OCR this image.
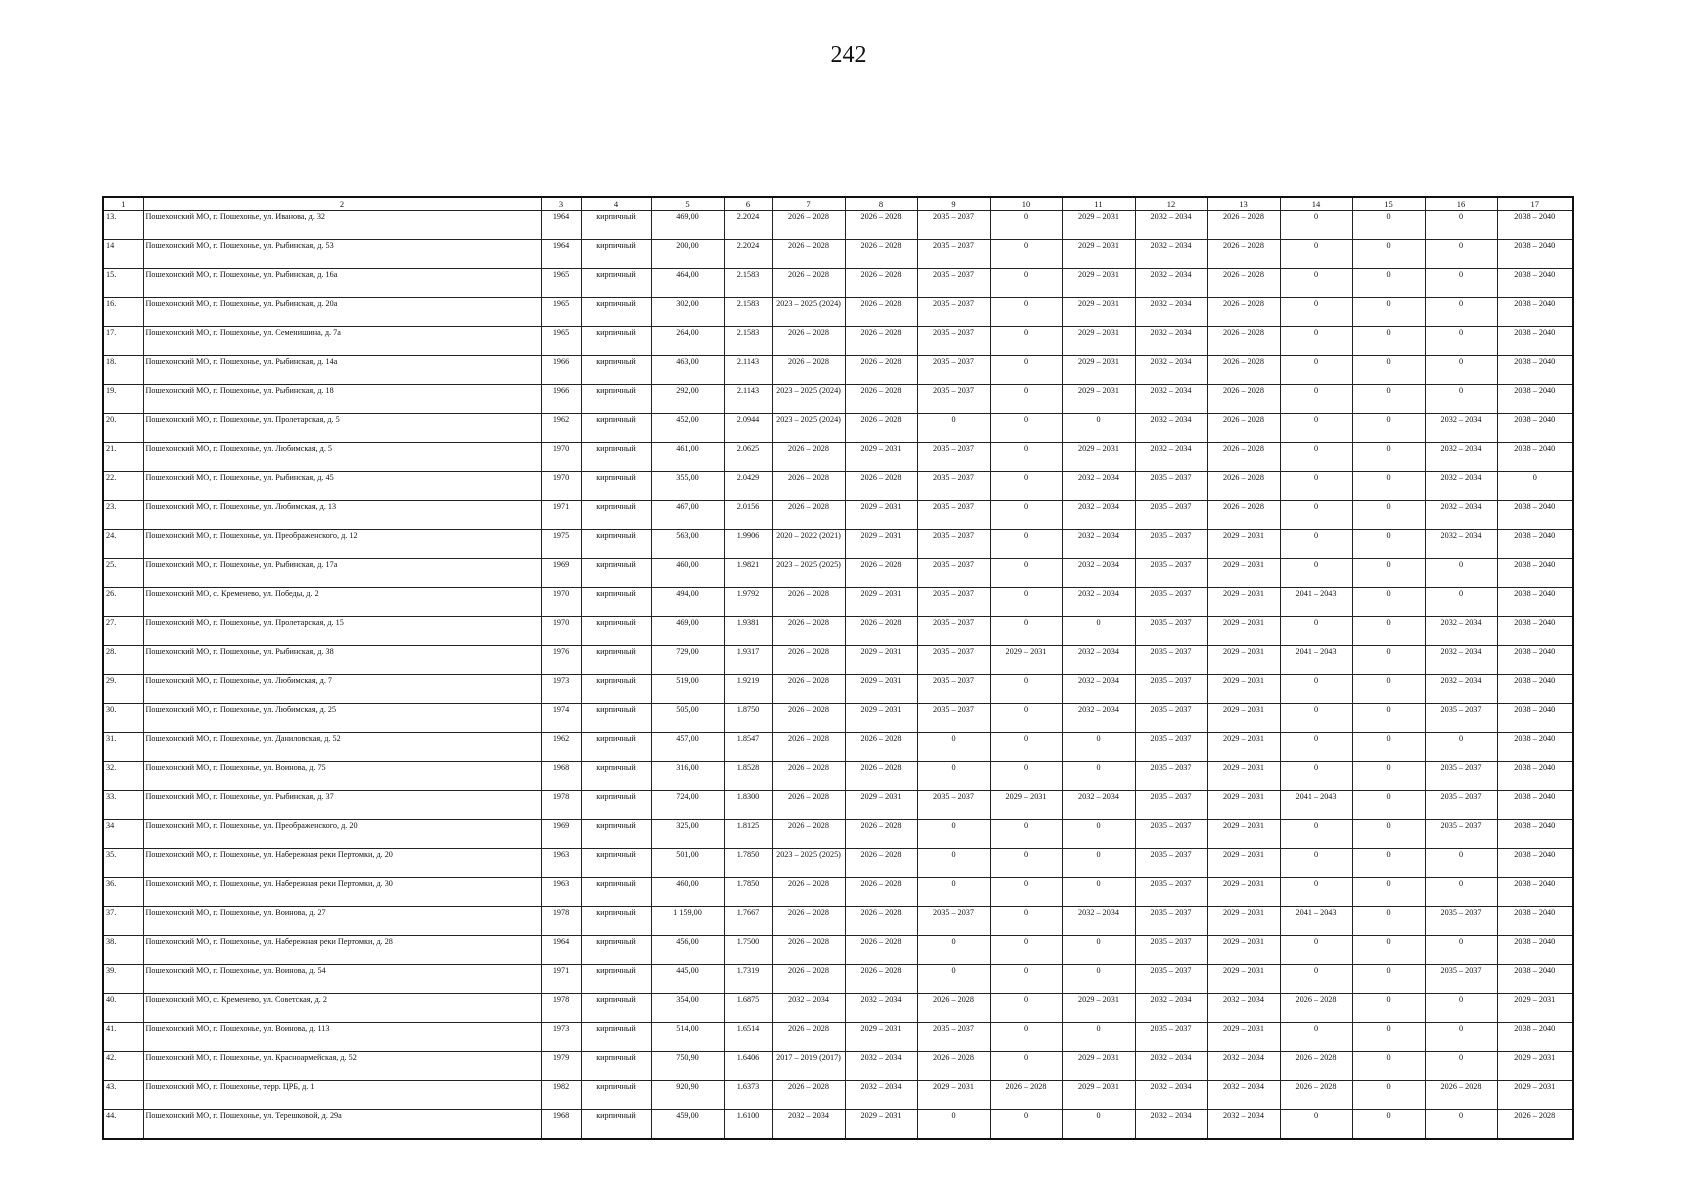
242
1	2	3	4	5	6	7	8	9	10	11	12	13	14	15	16	17
13.	Пошехонский МО, г. Пошехонье, ул. Иванова, д. 32	1964	кирпичный	469,00	2.2024	2026 – 2028	2026 – 2028	2035 – 2037	0	2029 – 2031	2032 – 2034	2026 – 2028	0	0	0	2038 – 2040
14	Пошехонский МО, г. Пошехонье, ул. Рыбинская, д. 53	1964	кирпичный	200,00	2.2024	2026 – 2028	2026 – 2028	2035 – 2037	0	2029 – 2031	2032 – 2034	2026 – 2028	0	0	0	2038 – 2040
15.	Пошехонский МО, г. Пошехонье, ул. Рыбинская, д. 16а	1965	кирпичный	464,00	2.1583	2026 – 2028	2026 – 2028	2035 – 2037	0	2029 – 2031	2032 – 2034	2026 – 2028	0	0	0	2038 – 2040
16.	Пошехонский МО, г. Пошехонье, ул. Рыбинская, д. 20а	1965	кирпичный	302,00	2.1583	2023 – 2025 (2024)	2026 – 2028	2035 – 2037	0	2029 – 2031	2032 – 2034	2026 – 2028	0	0	0	2038 – 2040
17.	Пошехонский МО, г. Пошехонье, ул. Семенишина, д. 7а	1965	кирпичный	264,00	2.1583	2026 – 2028	2026 – 2028	2035 – 2037	0	2029 – 2031	2032 – 2034	2026 – 2028	0	0	0	2038 – 2040
18.	Пошехонский МО, г. Пошехонье, ул. Рыбинская, д. 14а	1966	кирпичный	463,00	2.1143	2026 – 2028	2026 – 2028	2035 – 2037	0	2029 – 2031	2032 – 2034	2026 – 2028	0	0	0	2038 – 2040
19.	Пошехонский МО, г. Пошехонье, ул. Рыбинская, д. 18	1966	кирпичный	292,00	2.1143	2023 – 2025 (2024)	2026 – 2028	2035 – 2037	0	2029 – 2031	2032 – 2034	2026 – 2028	0	0	0	2038 – 2040
20.	Пошехонский МО, г. Пошехонье, ул. Пролетарская, д. 5	1962	кирпичный	452,00	2.0944	2023 – 2025 (2024)	2026 – 2028	0	0	0	2032 – 2034	2026 – 2028	0	0	2032 – 2034	2038 – 2040
21.	Пошехонский МО, г. Пошехонье, ул. Любимская, д. 5	1970	кирпичный	461,00	2.0625	2026 – 2028	2029 – 2031	2035 – 2037	0	2029 – 2031	2032 – 2034	2026 – 2028	0	0	2032 – 2034	2038 – 2040
22.	Пошехонский МО, г. Пошехонье, ул. Рыбинская, д. 45	1970	кирпичный	355,00	2.0429	2026 – 2028	2026 – 2028	2035 – 2037	0	2032 – 2034	2035 – 2037	2026 – 2028	0	0	2032 – 2034	0
23.	Пошехонский МО, г. Пошехонье, ул. Любимская, д. 13	1971	кирпичный	467,00	2.0156	2026 – 2028	2029 – 2031	2035 – 2037	0	2032 – 2034	2035 – 2037	2026 – 2028	0	0	2032 – 2034	2038 – 2040
24.	Пошехонский МО, г. Пошехонье, ул. Преображенского, д. 12	1975	кирпичный	563,00	1.9906	2020 – 2022 (2021)	2029 – 2031	2035 – 2037	0	2032 – 2034	2035 – 2037	2029 – 2031	0	0	2032 – 2034	2038 – 2040
25.	Пошехонский МО, г. Пошехонье, ул. Рыбинская, д. 17а	1969	кирпичный	460,00	1.9821	2023 – 2025 (2025)	2026 – 2028	2035 – 2037	0	2032 – 2034	2035 – 2037	2029 – 2031	0	0	0	2038 – 2040
26.	Пошехонский МО, с. Кременево, ул. Победы, д. 2	1970	кирпичный	494,00	1.9792	2026 – 2028	2029 – 2031	2035 – 2037	0	2032 – 2034	2035 – 2037	2029 – 2031	2041 – 2043	0	0	2038 – 2040
27.	Пошехонский МО, г. Пошехонье, ул. Пролетарская, д. 15	1970	кирпичный	469,00	1.9381	2026 – 2028	2026 – 2028	2035 – 2037	0	0	2035 – 2037	2029 – 2031	0	0	2032 – 2034	2038 – 2040
28.	Пошехонский МО, г. Пошехонье, ул. Рыбинская, д. 38	1976	кирпичный	729,00	1.9317	2026 – 2028	2029 – 2031	2035 – 2037	2029 – 2031	2032 – 2034	2035 – 2037	2029 – 2031	2041 – 2043	0	2032 – 2034	2038 – 2040
29.	Пошехонский МО, г. Пошехонье, ул. Любимская, д. 7	1973	кирпичный	519,00	1.9219	2026 – 2028	2029 – 2031	2035 – 2037	0	2032 – 2034	2035 – 2037	2029 – 2031	0	0	2032 – 2034	2038 – 2040
30.	Пошехонский МО, г. Пошехонье, ул. Любимская, д. 25	1974	кирпичный	505,00	1.8750	2026 – 2028	2029 – 2031	2035 – 2037	0	2032 – 2034	2035 – 2037	2029 – 2031	0	0	2035 – 2037	2038 – 2040
31.	Пошехонский МО, г. Пошехонье, ул. Даниловская, д. 52	1962	кирпичный	457,00	1.8547	2026 – 2028	2026 – 2028	0	0	0	2035 – 2037	2029 – 2031	0	0	0	2038 – 2040
32.	Пошехонский МО, г. Пошехонье, ул. Воинова, д. 75	1968	кирпичный	316,00	1.8528	2026 – 2028	2026 – 2028	0	0	0	2035 – 2037	2029 – 2031	0	0	2035 – 2037	2038 – 2040
33.	Пошехонский МО, г. Пошехонье, ул. Рыбинская, д. 37	1978	кирпичный	724,00	1.8300	2026 – 2028	2029 – 2031	2035 – 2037	2029 – 2031	2032 – 2034	2035 – 2037	2029 – 2031	2041 – 2043	0	2035 – 2037	2038 – 2040
34	Пошехонский МО, г. Пошехонье, ул. Преображенского, д. 20	1969	кирпичный	325,00	1.8125	2026 – 2028	2026 – 2028	0	0	0	2035 – 2037	2029 – 2031	0	0	2035 – 2037	2038 – 2040
35.	Пошехонский МО, г. Пошехонье, ул. Набережная реки Пертомки, д. 20	1963	кирпичный	501,00	1.7850	2023 – 2025 (2025)	2026 – 2028	0	0	0	2035 – 2037	2029 – 2031	0	0	0	2038 – 2040
36.	Пошехонский МО, г. Пошехонье, ул. Набережная реки Пертомки, д. 30	1963	кирпичный	460,00	1.7850	2026 – 2028	2026 – 2028	0	0	0	2035 – 2037	2029 – 2031	0	0	0	2038 – 2040
37.	Пошехонский МО, г. Пошехонье, ул. Воинова, д. 27	1978	кирпичный	1 159,00	1.7667	2026 – 2028	2026 – 2028	2035 – 2037	0	2032 – 2034	2035 – 2037	2029 – 2031	2041 – 2043	0	2035 – 2037	2038 – 2040
38.	Пошехонский МО, г. Пошехонье, ул. Набережная реки Пертомки, д. 28	1964	кирпичный	456,00	1.7500	2026 – 2028	2026 – 2028	0	0	0	2035 – 2037	2029 – 2031	0	0	0	2038 – 2040
39.	Пошехонский МО, г. Пошехонье, ул. Воинова, д. 54	1971	кирпичный	445,00	1.7319	2026 – 2028	2026 – 2028	0	0	0	2035 – 2037	2029 – 2031	0	0	2035 – 2037	2038 – 2040
40.	Пошехонский МО, с. Кременево, ул. Советская, д. 2	1978	кирпичный	354,00	1.6875	2032 – 2034	2032 – 2034	2026 – 2028	0	2029 – 2031	2032 – 2034	2032 – 2034	2026 – 2028	0	0	2029 – 2031
41.	Пошехонский МО, г. Пошехонье, ул. Воинова, д. 113	1973	кирпичный	514,00	1.6514	2026 – 2028	2029 – 2031	2035 – 2037	0	0	2035 – 2037	2029 – 2031	0	0	0	2038 – 2040
42.	Пошехонский МО, г. Пошехонье, ул. Красноармейская, д. 52	1979	кирпичный	750,90	1.6406	2017 – 2019 (2017)	2032 – 2034	2026 – 2028	0	2029 – 2031	2032 – 2034	2032 – 2034	2026 – 2028	0	0	2029 – 2031
43.	Пошехонский МО, г. Пошехонье, терр. ЦРБ, д. 1	1982	кирпичный	920,90	1.6373	2026 – 2028	2032 – 2034	2029 – 2031	2026 – 2028	2029 – 2031	2032 – 2034	2032 – 2034	2026 – 2028	0	2026 – 2028	2029 – 2031
44.	Пошехонский МО, г. Пошехонье, ул. Терешковой, д. 29а	1968	кирпичный	459,00	1.6100	2032 – 2034	2029 – 2031	0	0	0	2032 – 2034	2032 – 2034	0	0	0	2026 – 2028
